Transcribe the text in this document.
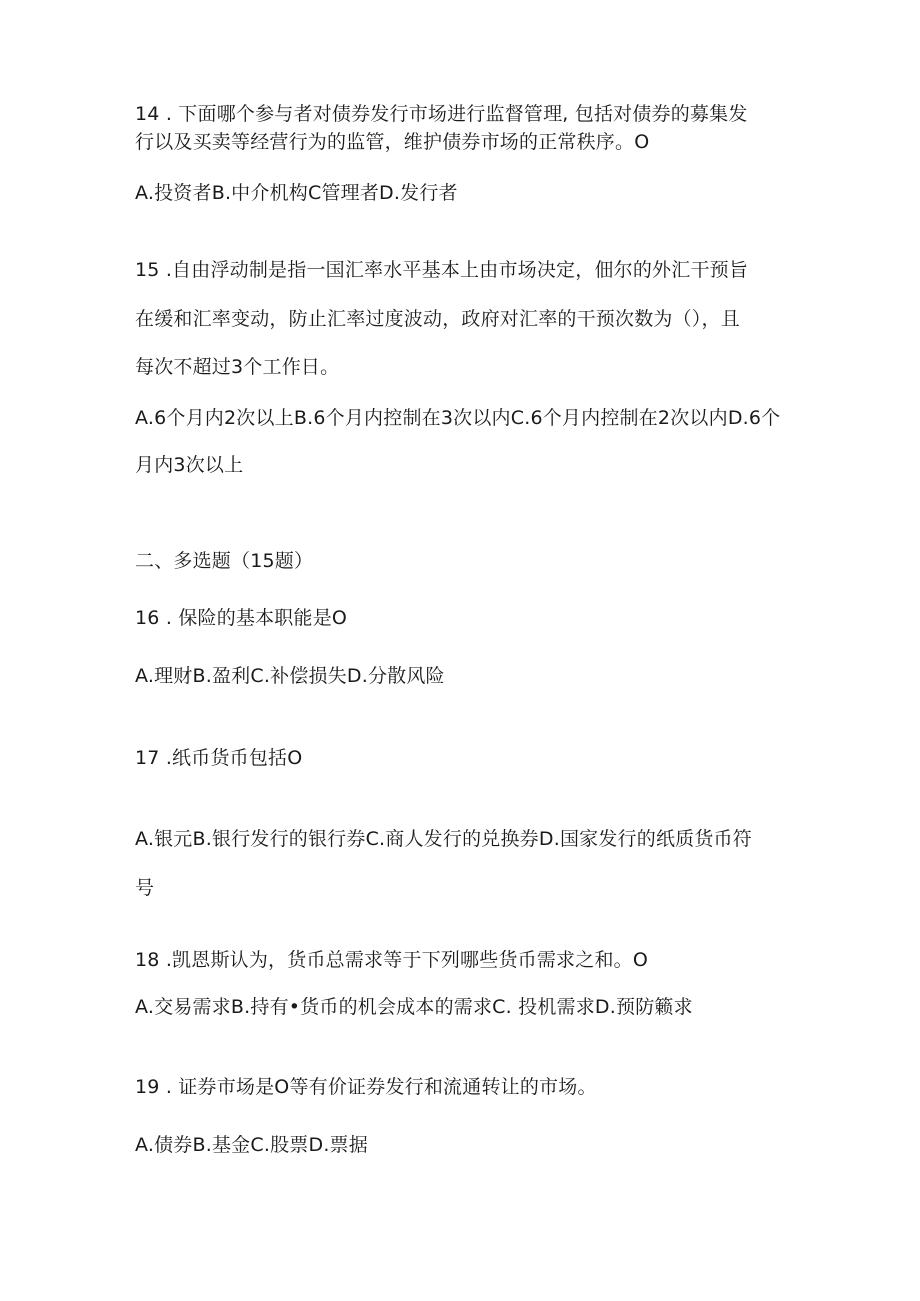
14 . 下面哪个参与者对债券发行市场进行监督管理, 包括对债券的募集发
行以及买卖等经营行为的监管，维护债券市场的正常秩序。O
A.投资者B.中介机构C管理者D.发行者
15 .自由浮动制是指一国汇率水平基本上由市场决定，佃尔的外汇干预旨
在缓和汇率变动，防止汇率过度波动，政府对汇率的干预次数为（），且
每次不超过3个工作日。
A.6个月内2次以上B.6个月内控制在3次以内C.6个月内控制在2次以内D.6个
月内3次以上
二、多选题（15题）
16 . 保险的基本职能是O
A.理财B.盈利C.补偿损失D.分散风险
17 .纸币货币包括O
A.银元B.银行发行的银行券C.商人发行的兑换券D.国家发行的纸质货币符
号
18 .凯恩斯认为，货币总需求等于下列哪些货币需求之和。O
A.交易需求B.持有•货币的机会成本的需求C. 投机需求D.预防籁求
19 . 证券市场是O等有价证券发行和流通转让的市场。
A.债券B.基金C.股票D.票据
